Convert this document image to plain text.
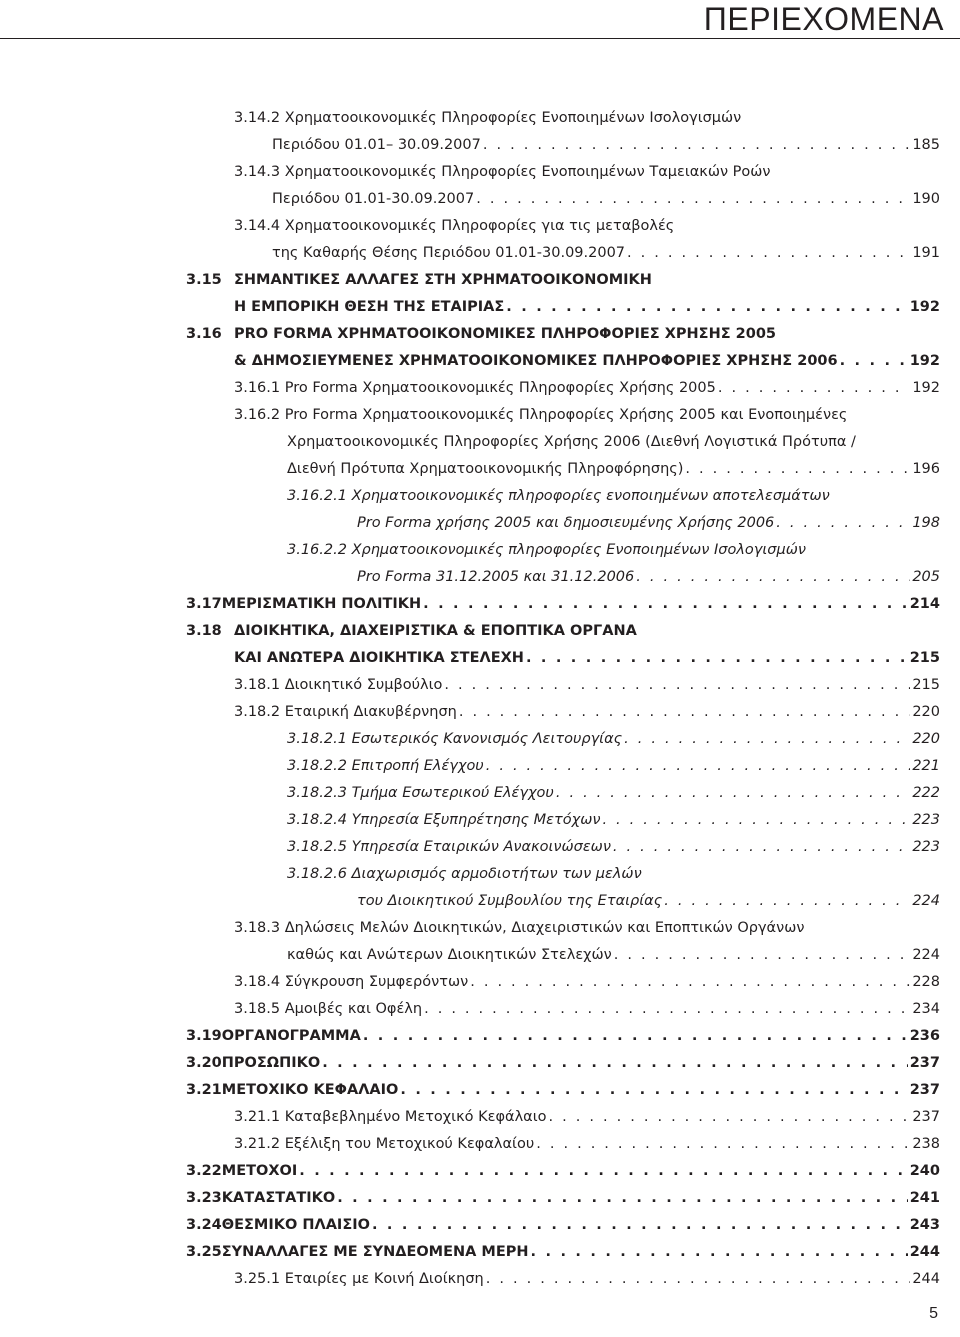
ΠΕΡΙΕΧΟΜΕΝΑ
3.14.2 Χρηματοοικονομικές Πληροφορίες Ενοποιημένων Ισολογισμών
Περιόδου 01.01– 30.09.2007 . . .	185
3.14.3 Χρηματοοικονομικές Πληροφορίες Ενοποιημένων Ταμειακών Ροών
Περιόδου 01.01-30.09.2007 . . .	190
3.14.4 Χρηματοοικονομικές Πληροφορίες για τις μεταβολές
της Καθαρής Θέσης Περιόδου 01.01-30.09.2007 . . .	191
3.15 ΣΗΜΑΝΤΙΚΕΣ ΑΛΛΑΓΕΣ ΣΤΗ ΧΡΗΜΑΤΟΟΙΚΟΝΟΜΙΚΗ
Η ΕΜΠΟΡΙΚΗ ΘΕΣΗ ΤΗΣ ΕΤΑΙΡΙΑΣ . . .	192
3.16 PRO FORMA ΧΡΗΜΑΤΟΟΙΚΟΝΟΜΙΚΕΣ ΠΛΗΡΟΦΟΡΙΕΣ ΧΡΗΣΗΣ 2005
& ΔΗΜΟΣΙΕΥΜΕΝΕΣ ΧΡΗΜΑΤΟΟΙΚΟΝΟΜΙΚΕΣ ΠΛΗΡΟΦΟΡΙΕΣ ΧΡΗΣΗΣ 2006 . . .	192
3.16.1 Pro Forma Χρηματοοικονομικές Πληροφορίες Χρήσης 2005 . . .	192
3.16.2 Pro Forma Χρηματοοικονομικές Πληροφορίες Χρήσης 2005 και Ενοποιημένες
Χρηματοοικονομικές Πληροφορίες Χρήσης 2006 (Διεθνή Λογιστικά Πρότυπα /
Διεθνή Πρότυπα Χρηματοοικονομικής Πληροφόρησης) . . .	196
3.16.2.1 Χρηματοοικονομικές πληροφορίες ενοποιημένων αποτελεσμάτων
Pro Forma χρήσης 2005 και δημοσιευμένης Χρήσης 2006 . . .	198
3.16.2.2 Χρηματοοικονομικές πληροφορίες Ενοποιημένων Ισολογισμών
Pro Forma 31.12.2005 και 31.12.2006 . . .	205
3.17 ΜΕΡΙΣΜΑΤΙΚΗ ΠΟΛΙΤΙΚΗ . . .	214
3.18 ΔΙΟΙΚΗΤΙΚΑ, ΔΙΑΧΕΙΡΙΣΤΙΚΑ & ΕΠΟΠΤΙΚΑ ΟΡΓΑΝΑ
ΚΑΙ ΑΝΩΤΕΡΑ ΔΙΟΙΚΗΤΙΚΑ ΣΤΕΛΕΧΗ . . .	215
3.18.1 Διοικητικό Συμβούλιο . . .	215
3.18.2 Εταιρική Διακυβέρνηση . . .	220
3.18.2.1 Εσωτερικός Κανονισμός Λειτουργίας . . .	220
3.18.2.2 Επιτροπή Ελέγχου . . .	221
3.18.2.3 Τμήμα Εσωτερικού Ελέγχου . . .	222
3.18.2.4 Υπηρεσία Εξυπηρέτησης Μετόχων . . .	223
3.18.2.5 Υπηρεσία Εταιρικών Ανακοινώσεων . . .	223
3.18.2.6 Διαχωρισμός αρμοδιοτήτων των μελών
του Διοικητικού Συμβουλίου της Εταιρίας . . .	224
3.18.3 Δηλώσεις Μελών Διοικητικών, Διαχειριστικών και Εποπτικών Οργάνων
καθώς και Ανώτερων Διοικητικών Στελεχών . . .	224
3.18.4 Σύγκρουση Συμφερόντων . . .	228
3.18.5 Αμοιβές και Οφέλη . . .	234
3.19 ΟΡΓΑΝΟΓΡΑΜΜΑ . . .	236
3.20 ΠΡΟΣΩΠΙΚΟ . . .	237
3.21 ΜΕΤΟΧΙΚΟ ΚΕΦΑΛΑΙΟ . . .	237
3.21.1 Καταβεβλημένο Μετοχικό Κεφάλαιο . . .	237
3.21.2 Εξέλιξη του Μετοχικού Κεφαλαίου . . .	238
3.22 ΜΕΤΟΧΟΙ . . .	240
3.23 ΚΑΤΑΣΤΑΤΙΚΟ . . .	241
3.24 ΘΕΣΜΙΚΟ ΠΛΑΙΣΙΟ . . .	243
3.25 ΣΥΝΑΛΛΑΓΕΣ ΜΕ ΣΥΝΔΕΟΜΕΝΑ ΜΕΡΗ . . .	244
3.25.1 Εταιρίες με Κοινή Διοίκηση . . .	244
5
